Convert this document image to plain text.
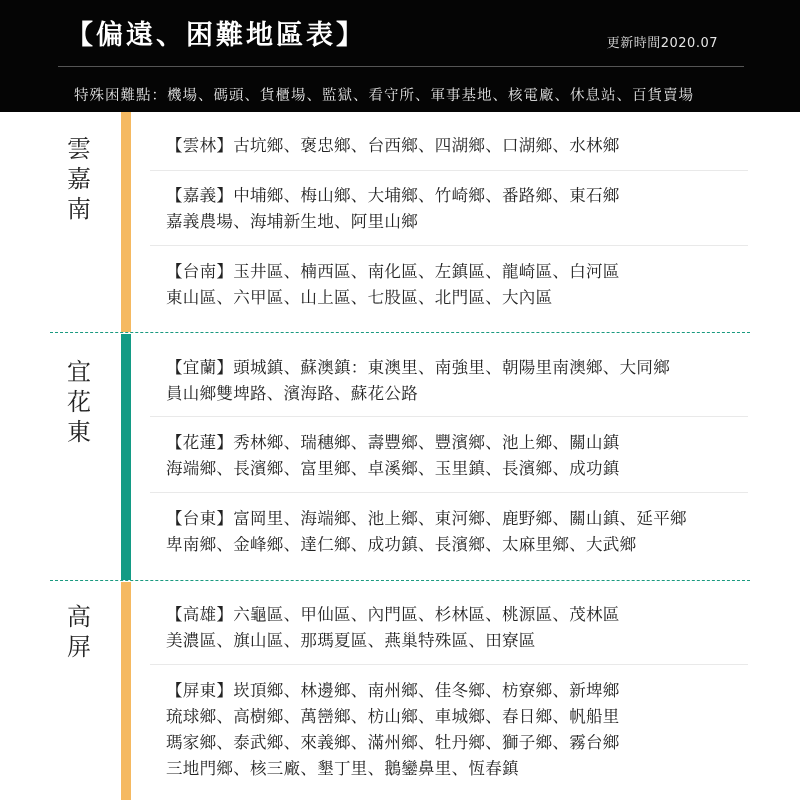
【偏遠、困難地區表】	更新時間2020.07
特殊困難點：機場、碼頭、貨櫃場、監獄、看守所、軍事基地、核電廠、休息站、百貨賣場
雲
嘉
南
【雲林】古坑鄉、褒忠鄉、台西鄉、四湖鄉、口湖鄉、水林鄉
【嘉義】中埔鄉、梅山鄉、大埔鄉、竹崎鄉、番路鄉、東石鄉
嘉義農場、海埔新生地、阿里山鄉
【台南】玉井區、楠西區、南化區、左鎮區、龍崎區、白河區
東山區、六甲區、山上區、七股區、北門區、大內區
宜
花
東
【宜蘭】頭城鎮、蘇澳鎮：東澳里、南強里、朝陽里南澳鄉、大同鄉
員山鄉雙埤路、濱海路、蘇花公路
【花蓮】秀林鄉、瑞穗鄉、壽豐鄉、豐濱鄉、池上鄉、關山鎮
海端鄉、長濱鄉、富里鄉、卓溪鄉、玉里鎮、長濱鄉、成功鎮
【台東】富岡里、海端鄉、池上鄉、東河鄉、鹿野鄉、關山鎮、延平鄉
卑南鄉、金峰鄉、達仁鄉、成功鎮、長濱鄉、太麻里鄉、大武鄉
高
屏
【高雄】六龜區、甲仙區、內門區、杉林區、桃源區、茂林區
美濃區、旗山區、那瑪夏區、燕巢特殊區、田寮區
【屏東】崁頂鄉、林邊鄉、南州鄉、佳冬鄉、枋寮鄉、新埤鄉
琉球鄉、高樹鄉、萬巒鄉、枋山鄉、車城鄉、春日鄉、帆船里
瑪家鄉、泰武鄉、來義鄉、滿州鄉、牡丹鄉、獅子鄉、霧台鄉
三地門鄉、核三廠、墾丁里、鵝鑾鼻里、恆春鎮
